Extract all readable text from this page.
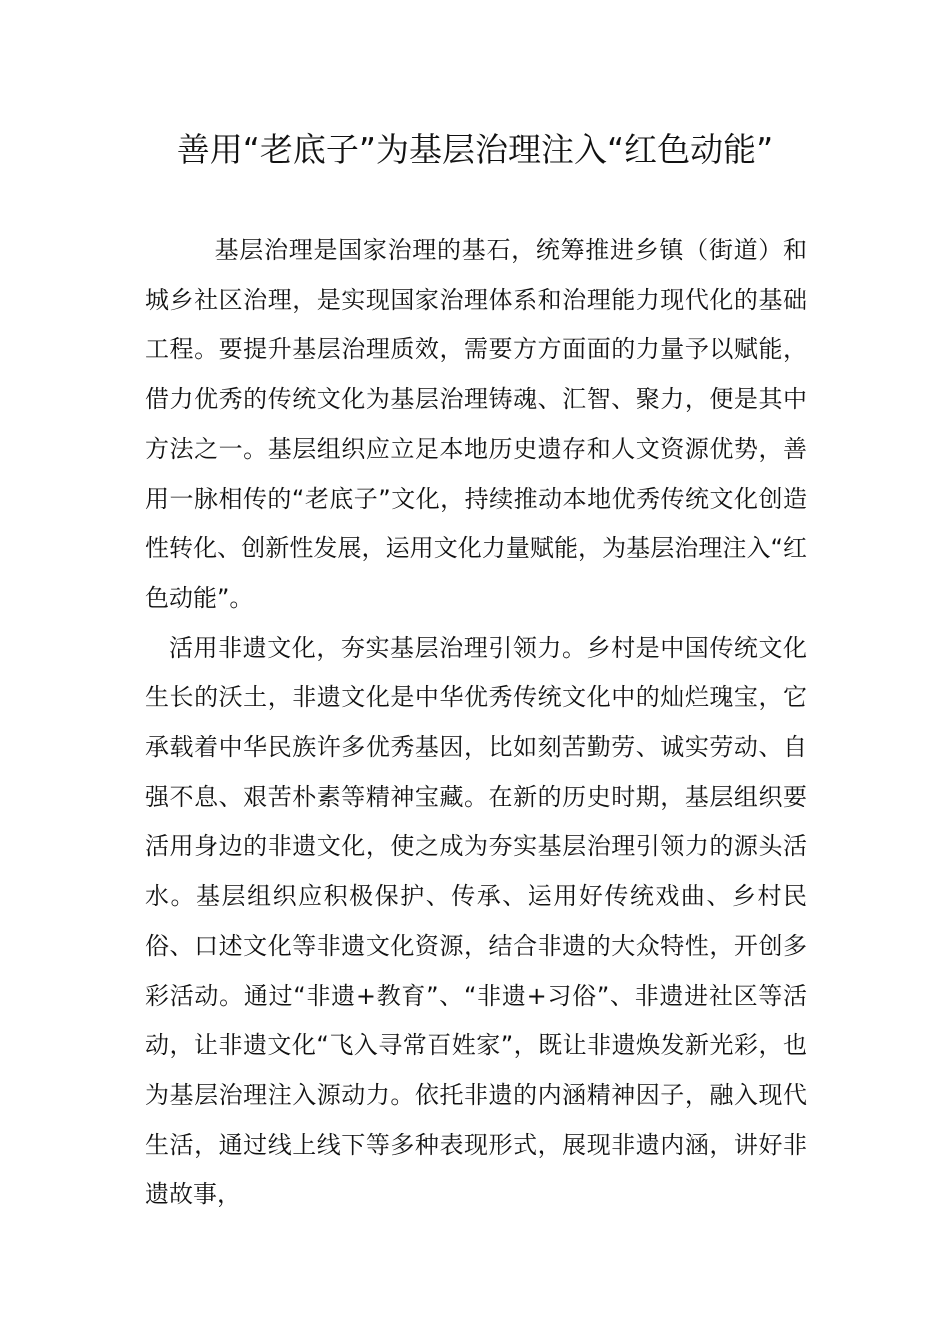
善用“老底子”为基层治理注入“红色动能”

基层治理是国家治理的基石，统筹推进乡镇（街道）和城乡社区治理，是实现国家治理体系和治理能力现代化的基础工程。要提升基层治理质效，需要方方面面的力量予以赋能，借力优秀的传统文化为基层治理铸魂、汇智、聚力，便是其中方法之一。基层组织应立足本地历史遗存和人文资源优势，善用一脉相传的“老底子”文化，持续推动本地优秀传统文化创造性转化、创新性发展，运用文化力量赋能，为基层治理注入“红色动能”。

活用非遗文化，夯实基层治理引领力。乡村是中国传统文化生长的沃土，非遗文化是中华优秀传统文化中的灿烂瑰宝，它承载着中华民族许多优秀基因，比如刻苦勤劳、诚实劳动、自强不息、艰苦朴素等精神宝藏。在新的历史时期，基层组织要活用身边的非遗文化，使之成为夯实基层治理引领力的源头活水。基层组织应积极保护、传承、运用好传统戏曲、乡村民俗、口述文化等非遗文化资源，结合非遗的大众特性，开创多彩活动。通过“非遗+教育”、“非遗+习俗”、非遗进社区等活动，让非遗文化“飞入寻常百姓家”，既让非遗焕发新光彩，也为基层治理注入源动力。依托非遗的内涵精神因子，融入现代生活，通过线上线下等多种表现形式，展现非遗内涵，讲好非遗故事，
